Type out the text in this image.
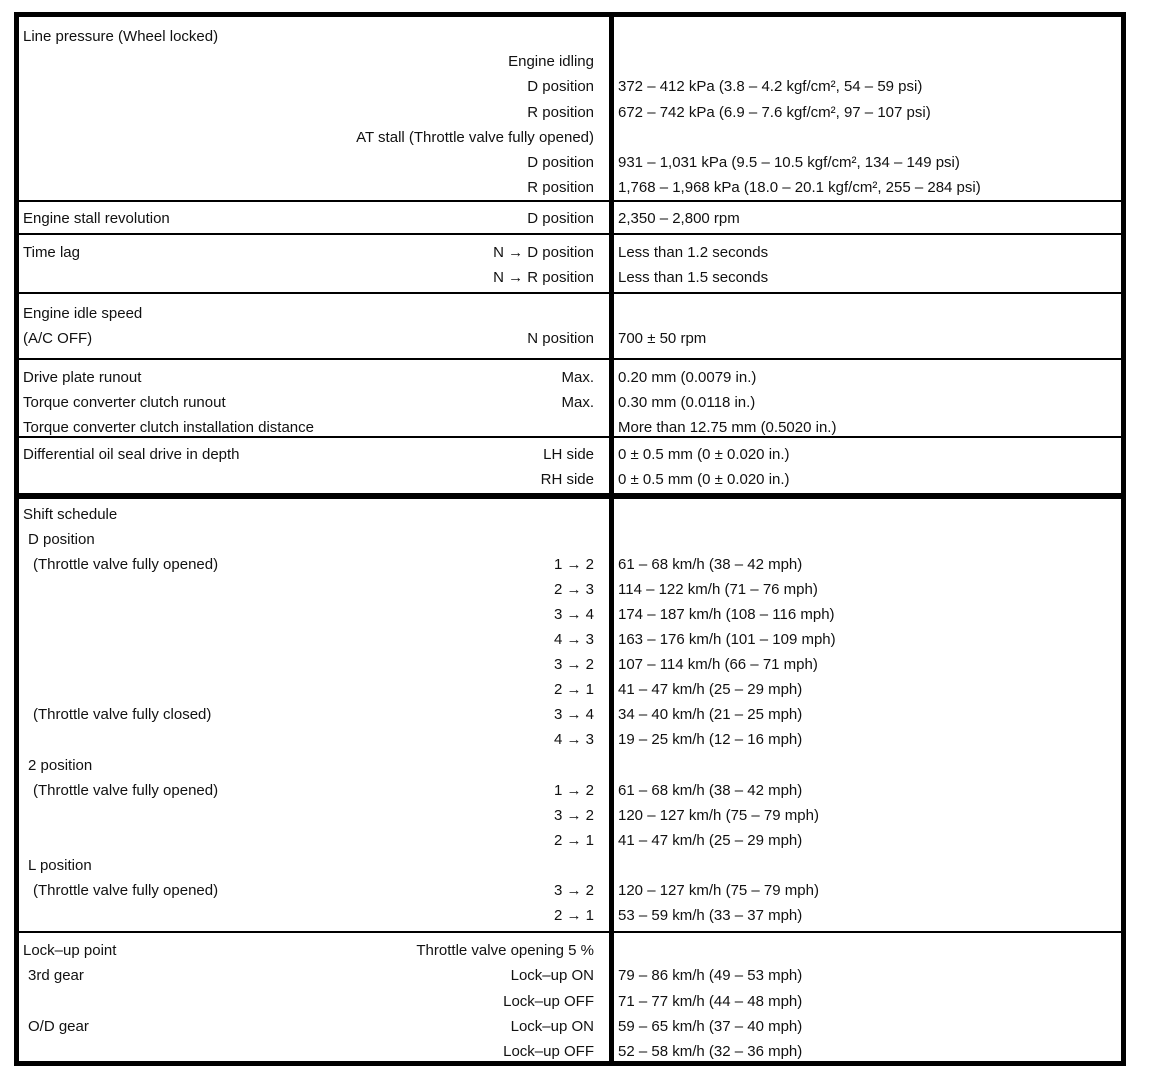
Line pressure (Wheel locked)
Engine idling
D position 372 – 412 kPa (3.8 – 4.2 kgf/cm², 54 – 59 psi)
R position 672 – 742 kPa (6.9 – 7.6 kgf/cm², 97 – 107 psi)
AT stall (Throttle valve fully opened)
D position 931 – 1,031 kPa (9.5 – 10.5 kgf/cm², 134 – 149 psi)
R position 1,768 – 1,968 kPa (18.0 – 20.1 kgf/cm², 255 – 284 psi)
Engine stall revolution	D position 2,350 – 2,800 rpm
Time lag	N → D position Less than 1.2 seconds
N → R position Less than 1.5 seconds
Engine idle speed
(A/C OFF)	N position 700 ± 50 rpm
Drive plate runout	Max. 0.20 mm (0.0079 in.)
Torque converter clutch runout	Max. 0.30 mm (0.0118 in.)
Torque converter clutch installation distance	More than 12.75 mm (0.5020 in.)
Differential oil seal drive in depth	LH side 0 ± 0.5 mm (0 ± 0.020 in.)
RH side 0 ± 0.5 mm (0 ± 0.020 in.)
Shift schedule
D position
(Throttle valve fully opened)	1 → 2 61 – 68 km/h (38 – 42 mph)
2 → 3 114 – 122 km/h (71 – 76 mph)
3 → 4 174 – 187 km/h (108 – 116 mph)
4 → 3 163 – 176 km/h (101 – 109 mph)
3 → 2 107 – 114 km/h (66 – 71 mph)
2 → 1 41 – 47 km/h (25 – 29 mph)
(Throttle valve fully closed)	3 → 4 34 – 40 km/h (21 – 25 mph)
4 → 3 19 – 25 km/h (12 – 16 mph)
2 position
(Throttle valve fully opened)	1 → 2 61 – 68 km/h (38 – 42 mph)
3 → 2 120 – 127 km/h (75 – 79 mph)
2 → 1 41 – 47 km/h (25 – 29 mph)
L position
(Throttle valve fully opened)	3 → 2 120 – 127 km/h (75 – 79 mph)
2 → 1 53 – 59 km/h (33 – 37 mph)
Lock–up point	Throttle valve opening 5 %
3rd gear	Lock–up ON 79 – 86 km/h (49 – 53 mph)
Lock–up OFF 71 – 77 km/h (44 – 48 mph)
O/D gear	Lock–up ON 59 – 65 km/h (37 – 40 mph)
Lock–up OFF 52 – 58 km/h (32 – 36 mph)
